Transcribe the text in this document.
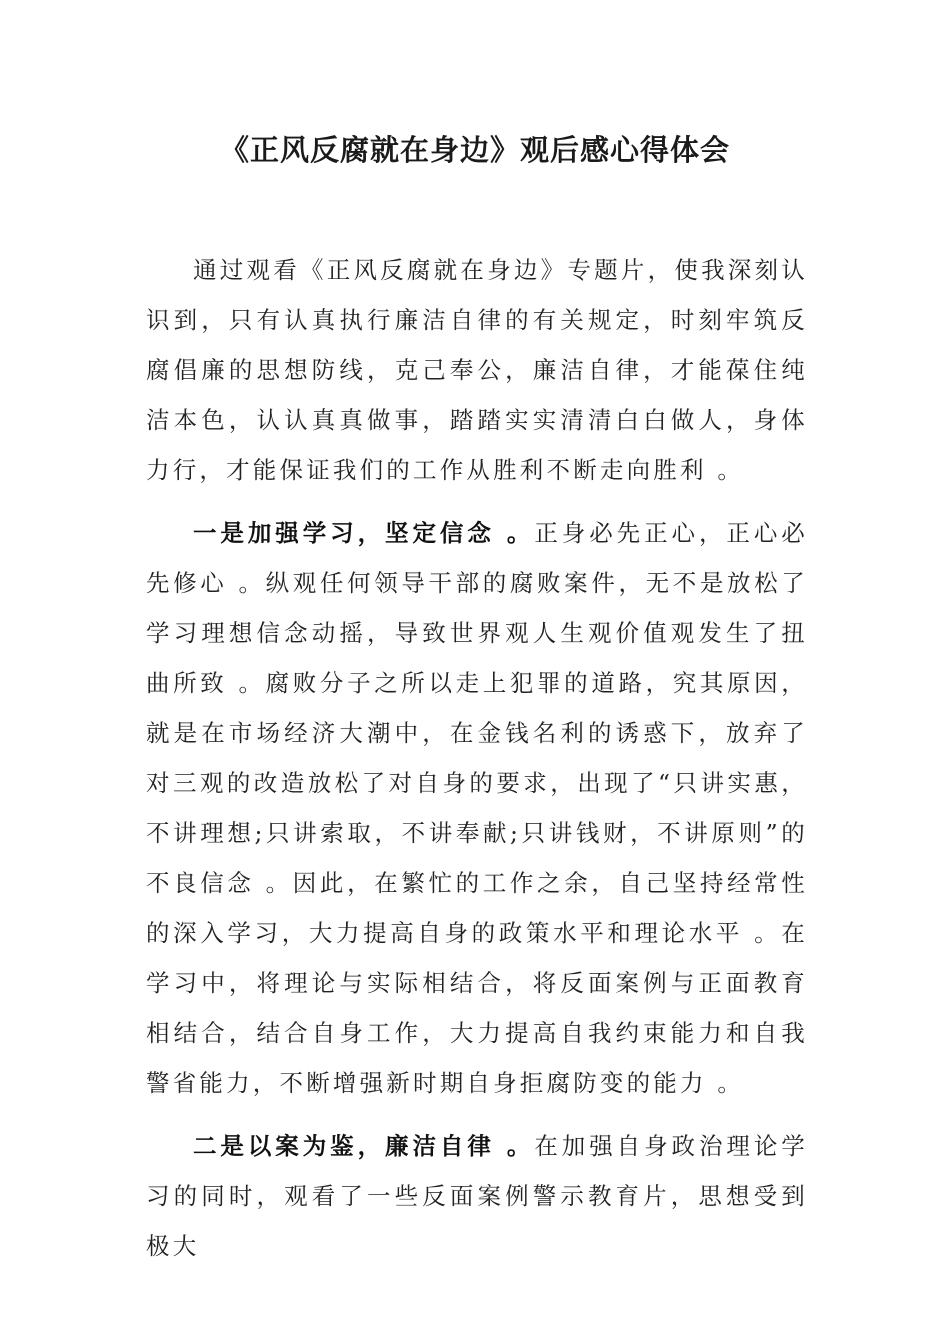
《正风反腐就在身边》观后感心得体会

通过观看《正风反腐就在身边》专题片，使我深刻认识到，只有认真执行廉洁自律的有关规定，时刻牢筑反腐倡廉的思想防线，克己奉公，廉洁自律，才能葆住纯洁本色，认认真真做事，踏踏实实清清白白做人，身体力行，才能保证我们的工作从胜利不断走向胜利 。

一是加强学习，坚定信念 。正身必先正心，正心必先修心 。纵观任何领导干部的腐败案件，无不是放松了学习理想信念动摇，导致世界观人生观价值观发生了扭曲所致 。腐败分子之所以走上犯罪的道路，究其原因，就是在市场经济大潮中，在金钱名利的诱惑下，放弃了对三观的改造放松了对自身的要求，出现了“只讲实惠，不讲理想;只讲索取，不讲奉献;只讲钱财，不讲原则”的不良信念 。因此，在繁忙的工作之余，自己坚持经常性的深入学习，大力提高自身的政策水平和理论水平 。在学习中，将理论与实际相结合，将反面案例与正面教育相结合，结合自身工作，大力提高自我约束能力和自我警省能力，不断增强新时期自身拒腐防变的能力 。

二是以案为鉴，廉洁自律 。在加强自身政治理论学习的同时，观看了一些反面案例警示教育片，思想受到极大
